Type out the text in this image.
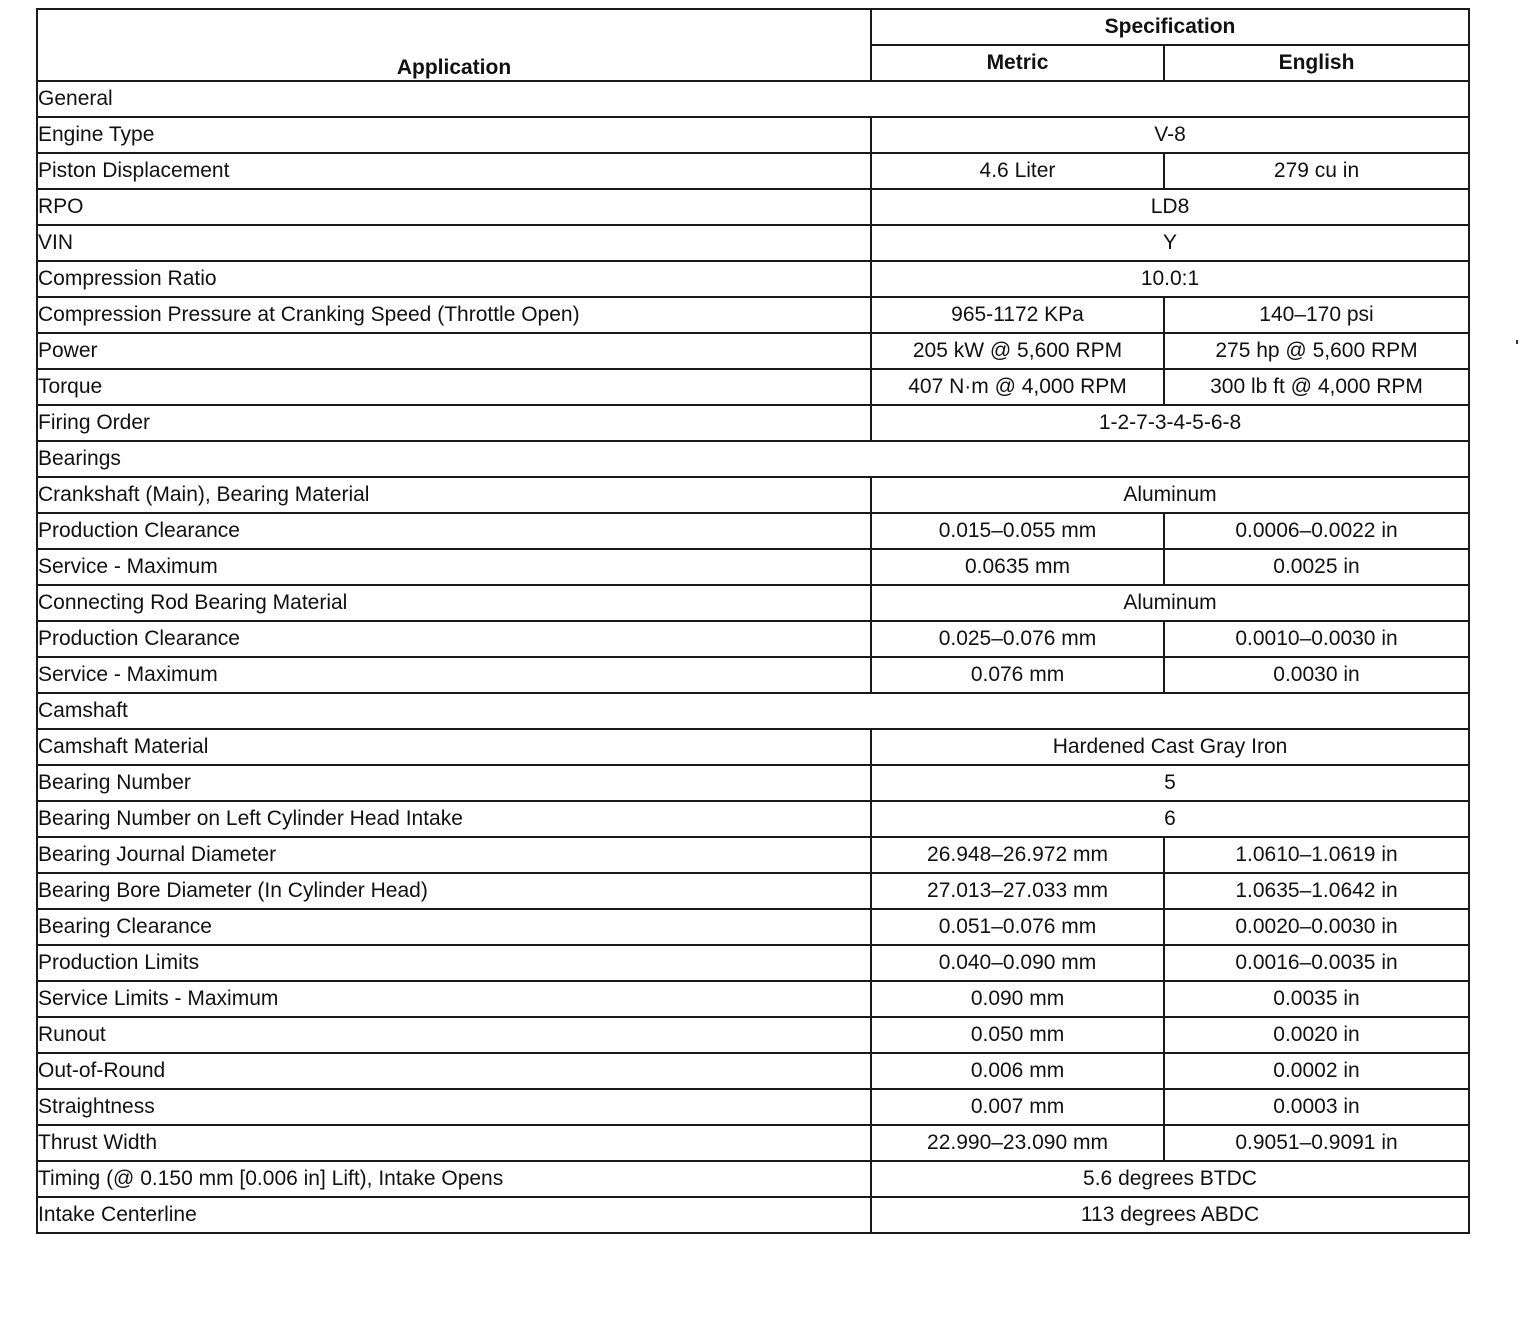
Application	Specification	
	Metric	English
General		
Engine Type	V-8	
Piston Displacement	4.6 Liter	279 cu in
RPO	LD8	
VIN	Y	
Compression Ratio	10.0:1	
Compression Pressure at Cranking Speed (Throttle Open)	965-1172 KPa	140–170 psi
Power	205 kW @ 5,600 RPM	275 hp @ 5,600 RPM
Torque	407 N·m @ 4,000 RPM	300 lb ft @ 4,000 RPM
Firing Order	1-2-7-3-4-5-6-8	
Bearings		
Crankshaft (Main), Bearing Material	Aluminum	
Production Clearance	0.015–0.055 mm	0.0006–0.0022 in
Service - Maximum	0.0635 mm	0.0025 in
Connecting Rod Bearing Material	Aluminum	
Production Clearance	0.025–0.076 mm	0.0010–0.0030 in
Service - Maximum	0.076 mm	0.0030 in
Camshaft		
Camshaft Material	Hardened Cast Gray Iron	
Bearing Number	5	
Bearing Number on Left Cylinder Head Intake	6	
Bearing Journal Diameter	26.948–26.972 mm	1.0610–1.0619 in
Bearing Bore Diameter (In Cylinder Head)	27.013–27.033 mm	1.0635–1.0642 in
Bearing Clearance	0.051–0.076 mm	0.0020–0.0030 in
Production Limits	0.040–0.090 mm	0.0016–0.0035 in
Service Limits - Maximum	0.090 mm	0.0035 in
Runout	0.050 mm	0.0020 in
Out-of-Round	0.006 mm	0.0002 in
Straightness	0.007 mm	0.0003 in
Thrust Width	22.990–23.090 mm	0.9051–0.9091 in
Timing (@ 0.150 mm [0.006 in] Lift), Intake Opens	5.6 degrees BTDC	
Intake Centerline	113 degrees ABDC	
